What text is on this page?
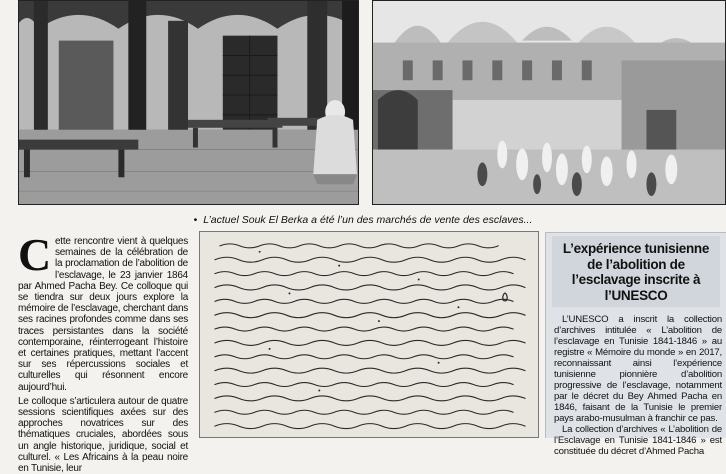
• L’actuel Souk El Berka a été l’un des marchés de vente des esclaves...

Cette rencontre vient à quelques semaines de la célébration de la proclamation de l’abolition de l’esclavage, le 23 janvier 1864 par Ahmed Pacha Bey. Ce colloque qui se tiendra sur deux jours explore la mémoire de l’esclavage, cherchant dans ses racines profondes comme dans ses traces persistantes dans la société contemporaine, réinterrogeant l’histoire et certaines pratiques, mettant l’accent sur ses répercussions sociales et culturelles qui résonnent encore aujourd’hui.

Le colloque s’articulera autour de quatre sessions scientifiques axées sur des approches novatrices sur des thématiques cruciales, abordées sous un angle historique, juridique, social et culturel. « Les Africains à la peau noire en Tunisie, leur

٥
L’expérience tunisienne de l’abolition de l’esclavage inscrite à l’UNESCO

L’UNESCO a inscrit la collection d’archives intitulée « L’abolition de l’esclavage en Tunisie 1841-1846 » au registre « Mémoire du monde » en 2017, reconnaissant ainsi l’expérience tunisienne pionnière d’abolition progressive de l’esclavage, notamment par le décret du Bey Ahmed Pacha en 1846, faisant de la Tunisie le premier pays arabo-musulman à franchir ce pas.

La collection d’archives « L’abolition de l’Esclavage en Tunisie 1841-1846 » est constituée du décret d’Ahmed Pacha
